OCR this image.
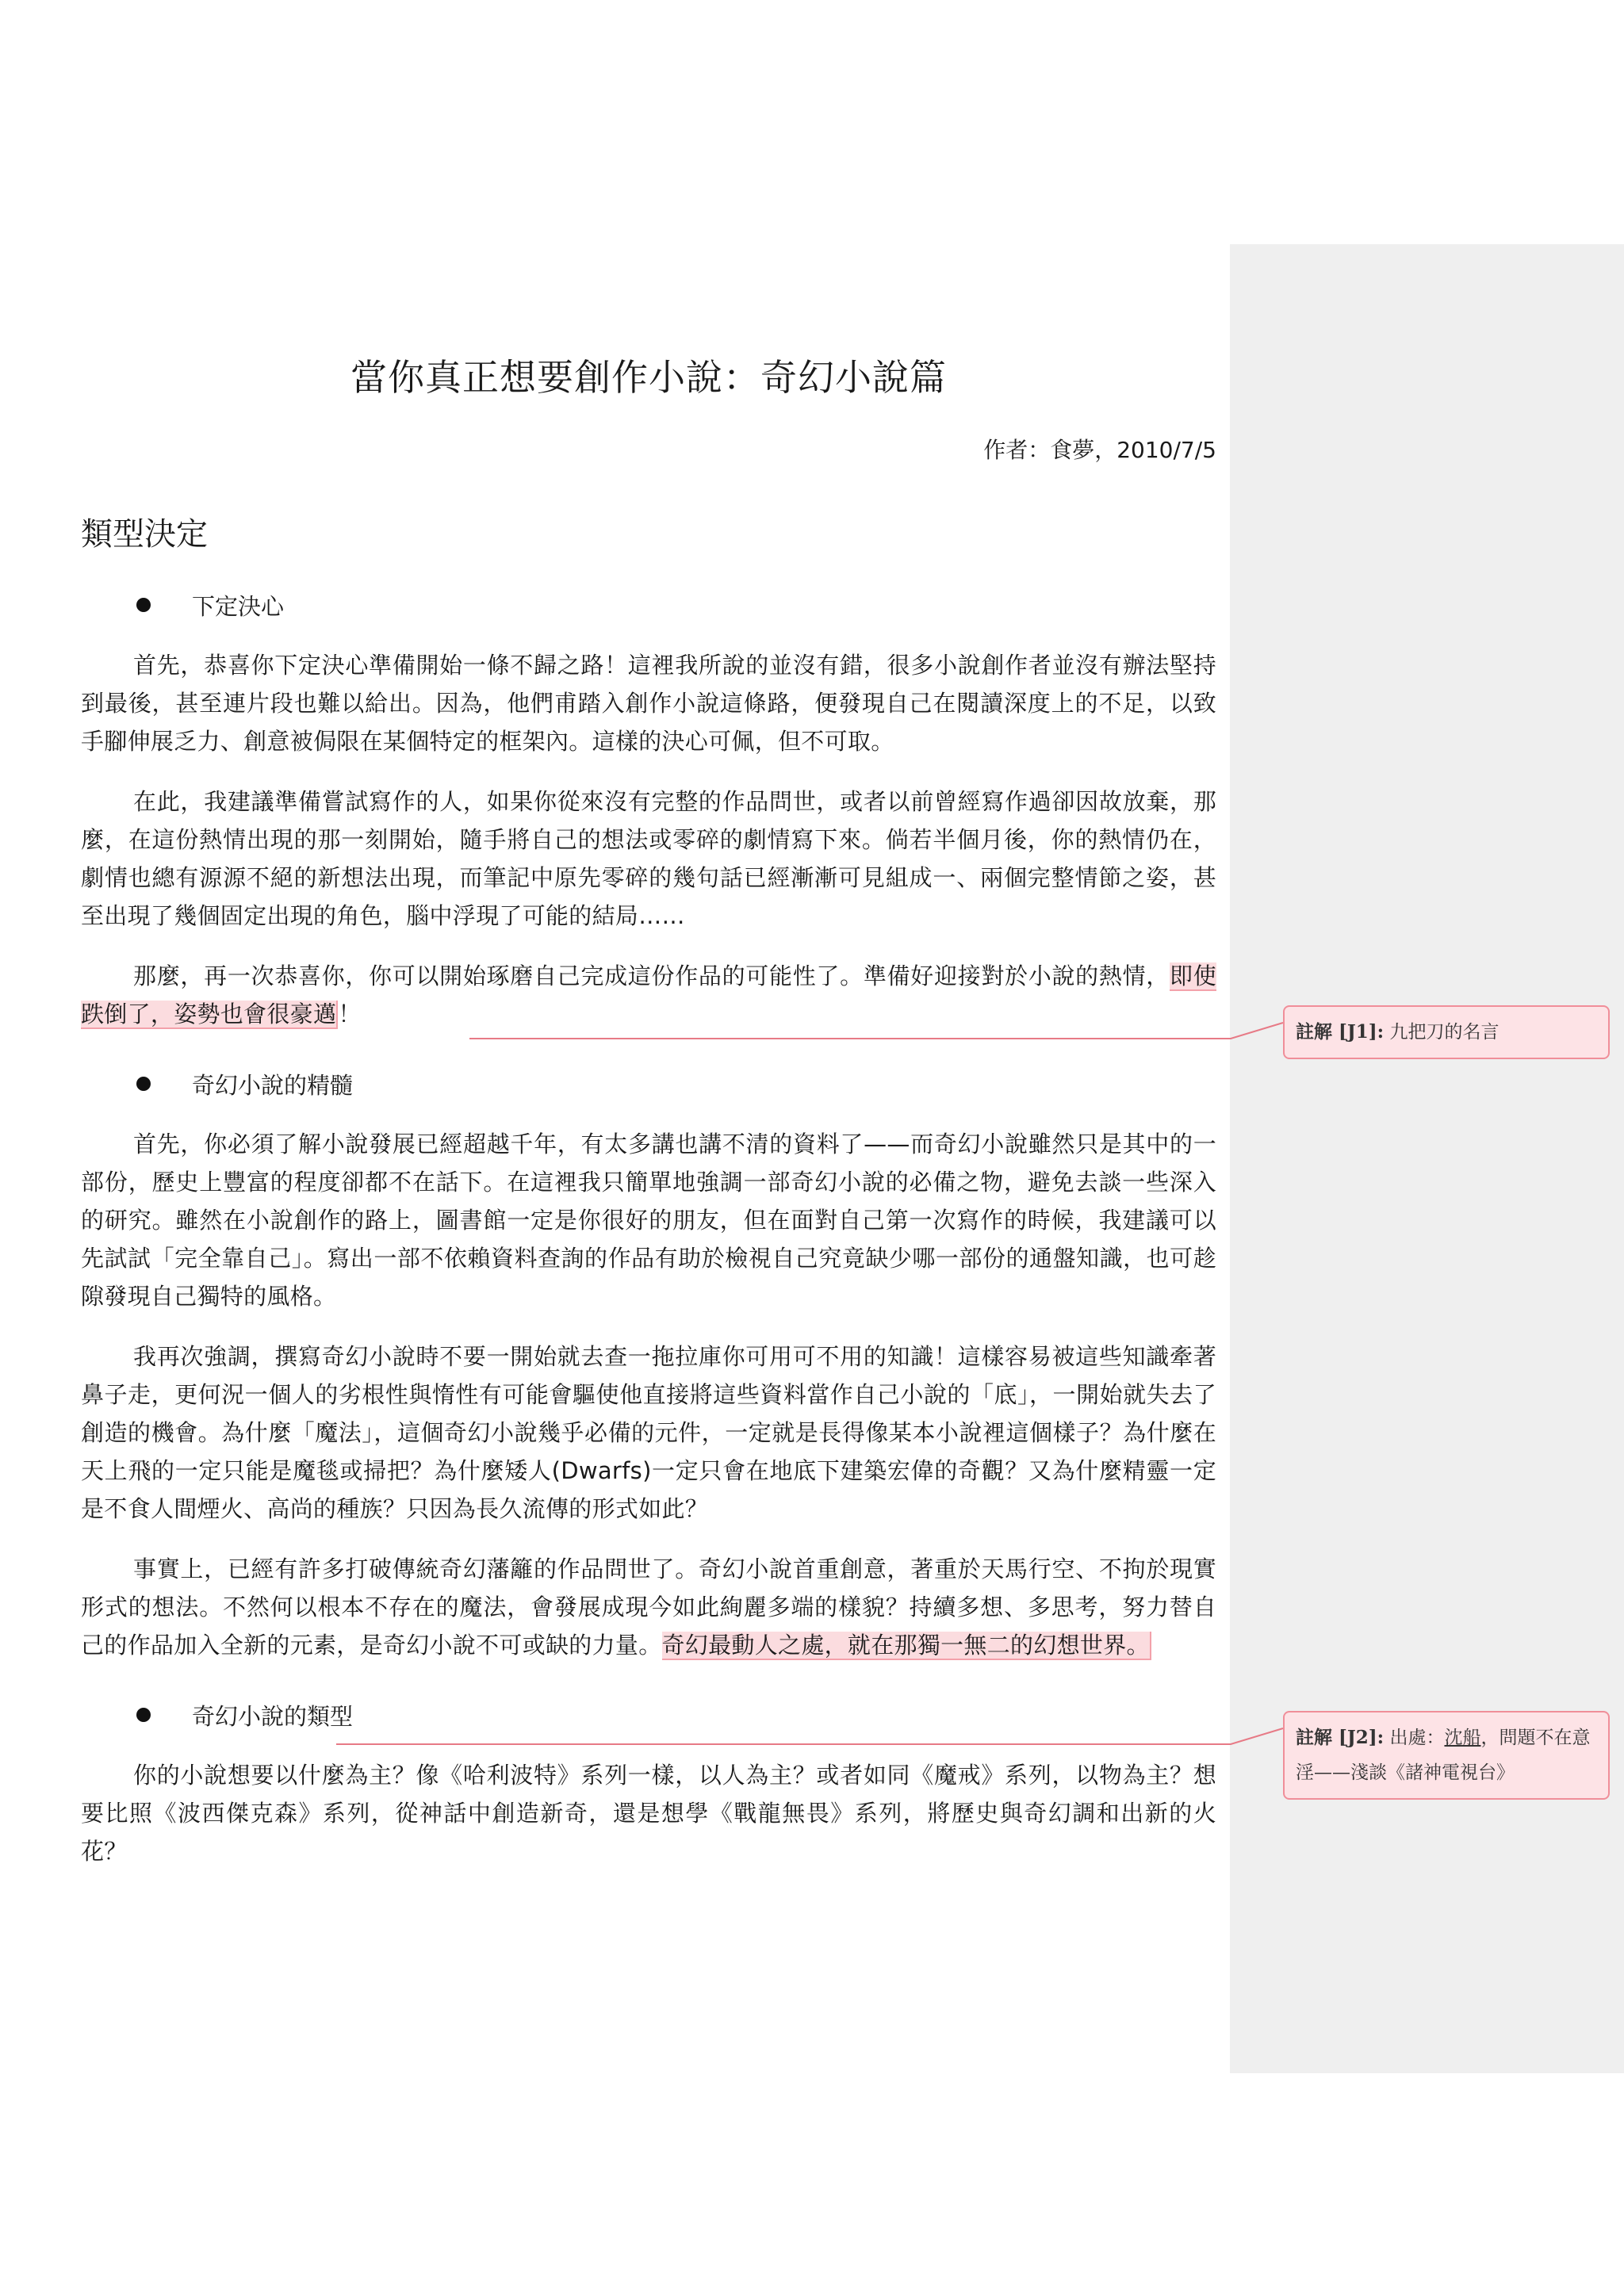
當你真正想要創作小說：奇幻小說篇
作者：食夢，2010/7/5
類型決定
下定決心

首先，恭喜你下定決心準備開始一條不歸之路！這裡我所說的並沒有錯，很多小說創作者並沒有辦法堅持到最後，甚至連片段也難以給出。因為，他們甫踏入創作小說這條路，便發現自己在閱讀深度上的不足，以致手腳伸展乏力、創意被侷限在某個特定的框架內。這樣的決心可佩，但不可取。

在此，我建議準備嘗試寫作的人，如果你從來沒有完整的作品問世，或者以前曾經寫作過卻因故放棄，那麼，在這份熱情出現的那一刻開始，隨手將自己的想法或零碎的劇情寫下來。倘若半個月後，你的熱情仍在，劇情也總有源源不絕的新想法出現，而筆記中原先零碎的幾句話已經漸漸可見組成一、兩個完整情節之姿，甚至出現了幾個固定出現的角色，腦中浮現了可能的結局……

那麼，再一次恭喜你，你可以開始琢磨自己完成這份作品的可能性了。準備好迎接對於小說的熱情，即使跌倒了，姿勢也會很豪邁！

奇幻小說的精髓

首先，你必須了解小說發展已經超越千年，有太多講也講不清的資料了——而奇幻小說雖然只是其中的一部份，歷史上豐富的程度卻都不在話下。在這裡我只簡單地強調一部奇幻小說的必備之物，避免去談一些深入的研究。雖然在小說創作的路上，圖書館一定是你很好的朋友，但在面對自己第一次寫作的時候，我建議可以先試試「完全靠自己」。寫出一部不依賴資料查詢的作品有助於檢視自己究竟缺少哪一部份的通盤知識，也可趁隙發現自己獨特的風格。

我再次強調，撰寫奇幻小說時不要一開始就去查一拖拉庫你可用可不用的知識！這樣容易被這些知識牽著鼻子走，更何況一個人的劣根性與惰性有可能會驅使他直接將這些資料當作自己小說的「底」，一開始就失去了創造的機會。為什麼「魔法」，這個奇幻小說幾乎必備的元件，一定就是長得像某本小說裡這個樣子？為什麼在天上飛的一定只能是魔毯或掃把？為什麼矮人(Dwarfs)一定只會在地底下建築宏偉的奇觀？又為什麼精靈一定是不食人間煙火、高尚的種族？只因為長久流傳的形式如此？

事實上，已經有許多打破傳統奇幻藩籬的作品問世了。奇幻小說首重創意，著重於天馬行空、不拘於現實形式的想法。不然何以根本不存在的魔法，會發展成現今如此絢麗多端的樣貌？持續多想、多思考，努力替自己的作品加入全新的元素，是奇幻小說不可或缺的力量。奇幻最動人之處，就在那獨一無二的幻想世界。

奇幻小說的類型

你的小說想要以什麼為主？像《哈利波特》系列一樣，以人為主？或者如同《魔戒》系列，以物為主？想要比照《波西傑克森》系列，從神話中創造新奇，還是想學《戰龍無畏》系列，將歷史與奇幻調和出新的火花？

註解 [J1]: 九把刀的名言
註解 [J2]: 出處：沈船，問題不在意淫——淺談《諸神電視台》
